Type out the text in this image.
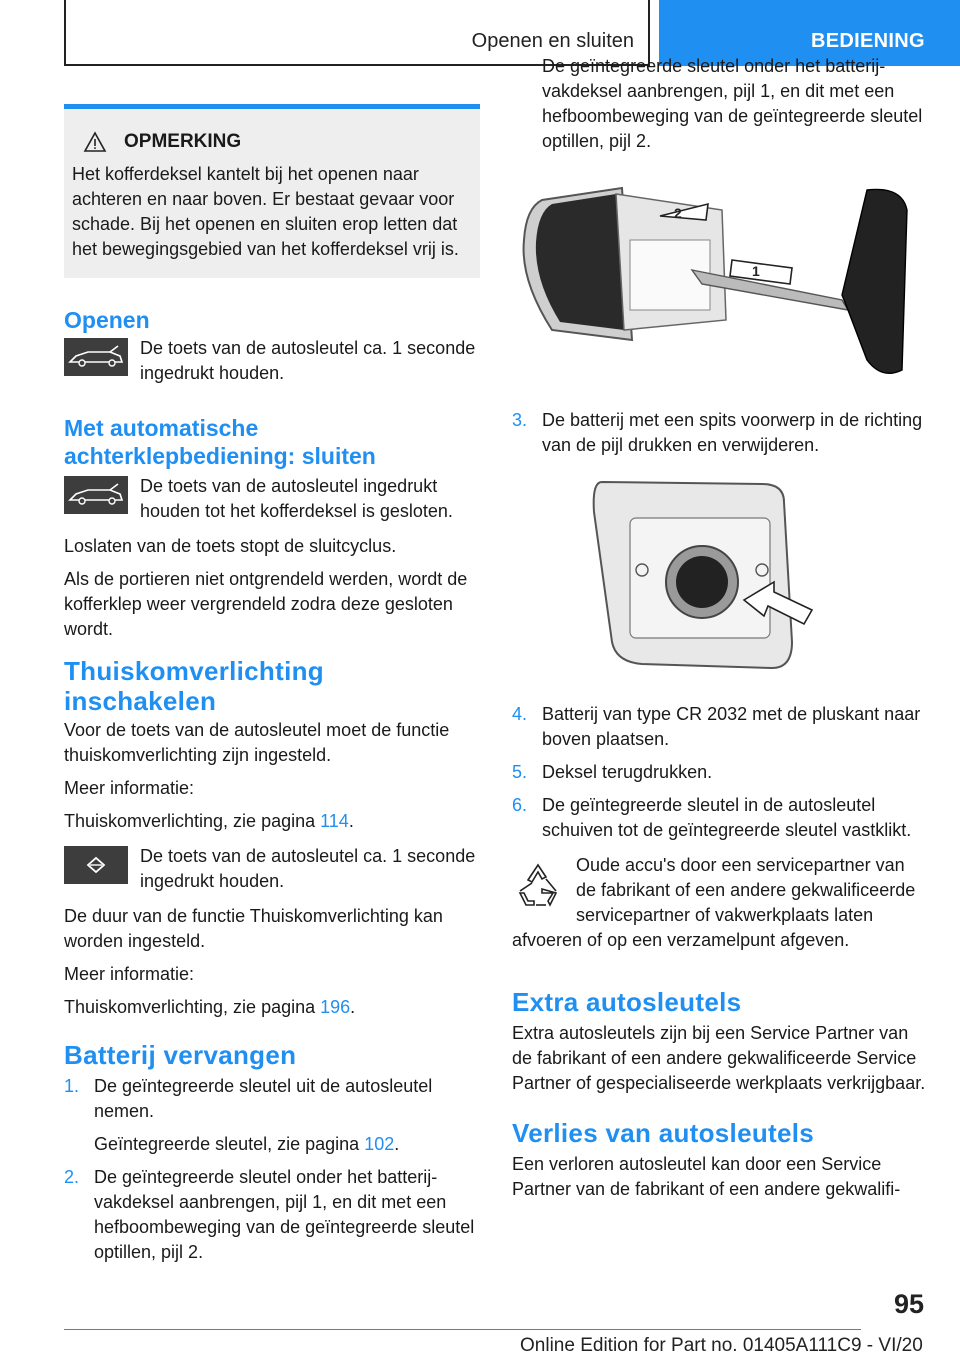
Openen en sluiten	BEDIENING
OPMERKING

Het kofferdeksel kantelt bij het openen naar achteren en naar boven. Er bestaat gevaar voor schade. Bij het openen en sluiten erop letten dat het bewegingsgebied van het kofferdeksel vrij is.

Openen
De toets van de autosleutel ca. 1 seconde ingedrukt houden.
Met automatische
achterklepbediening: sluiten
De toets van de autosleutel ingedrukt houden tot het kofferdeksel is gesloten.

Loslaten van de toets stopt de sluitcyclus.

Als de portieren niet ontgrendeld werden, wordt de kofferklep weer vergrendeld zodra deze gesloten wordt.

Thuiskomverlichting inschakelen

Voor de toets van de autosleutel moet de functie thuiskomverlichting zijn ingesteld.

Meer informatie:

Thuiskomverlichting, zie pagina 114.

De toets van de autosleutel ca. 1 seconde ingedrukt houden.

De duur van de functie Thuiskomverlichting kan worden ingesteld.

Meer informatie:

Thuiskomverlichting, zie pagina 196.

Batterij vervangen
1. De geïntegreerde sleutel uit de autosleutel nemen.
Geïntegreerde sleutel, zie pagina 102.
2. De geïntegreerde sleutel onder het batterijvakdeksel aanbrengen, pijl 1, en dit met een hefboombeweging van de geïntegreerde sleutel optillen, pijl 2.
De geïntegreerde sleutel onder het batterijvakdeksel aanbrengen, pijl 1, en dit met een hefboombeweging van de geïntegreerde sleutel optillen, pijl 2.
2
1
3. De batterij met een spits voorwerp in de richting van de pijl drukken en verwijderen.
4. Batterij van type CR 2032 met de pluskant naar boven plaatsen.
5. Deksel terugdrukken.
6. De geïntegreerde sleutel in de autosleutel schuiven tot de geïntegreerde sleutel vastklikt.

Oude accu's door een servicepartner van de fabrikant of een andere gekwalificeerde servicepartner of vakwerkplaats laten afvoeren of op een verzamelpunt afgeven.

Extra autosleutels

Extra autosleutels zijn bij een Service Partner van de fabrikant of een andere gekwalificeerde Service Partner of gespecialiseerde werkplaats verkrijgbaar.

Verlies van autosleutels

Een verloren autosleutel kan door een Service Partner van de fabrikant of een andere gekwalifi-

95
Online Edition for Part no. 01405A111C9 - VI/20
